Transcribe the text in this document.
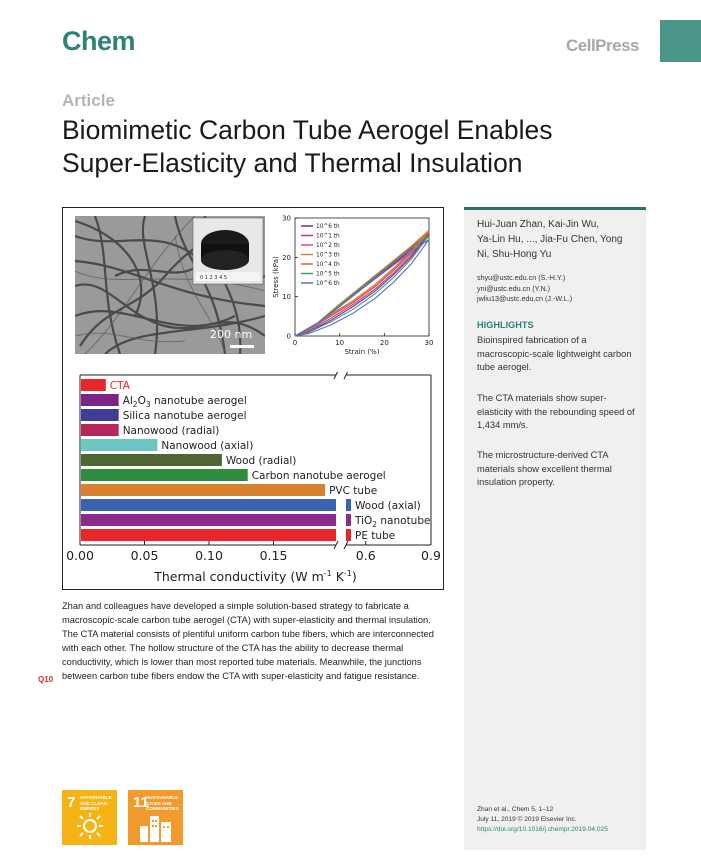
Chem	CellPress
Article
Biomimetic Carbon Tube Aerogel Enables
Super-Elasticity and Thermal Insulation
0 1 2 3 4 5
200 nm
0	10	20	30
0
10
20
30
Strain (%)
Stress (kPa)
10^6 th
10^1 th
10^2 th
10^3 th
10^4 th
10^5 th
10^6 th
0.00	0.05	0.10	0.15	0.6	0.9
CTA
$Al_2O_3$ nanotube aerogel
Silica nanotube aerogel
Nanowood (radial)
Nanowood (axial)
Wood (radial)
Carbon nanotube aerogel
PVC tube
Wood (axial)
TiO$_2$ nanotube
PE tube
Thermal conductivity (W $m^{-1}$ $K^{-1}$)
Hui-Juan Zhan, Kai-Jin Wu,
Ya-Lin Hu, ..., Jia-Fu Chen, Yong
Ni, Shu-Hong Yu
shyu@ustc.edu.cn (S.-H.Y.)
yni@ustc.edu.cn (Y.N.)
jwliu13@ustc.edu.cn (J.-W.L.)
HIGHLIGHTS
Bioinspired fabrication of a macroscopic-scale lightweight carbon tube aerogel.
The CTA materials show super-elasticity with the rebounding speed of 1,434 mm/s.
The microstructure-derived CTA materials show excellent thermal insulation property.
Zhan et al., Chem 5, 1–12
July 11, 2019 © 2019 Elsevier Inc.
https://doi.org/10.1016/j.chempr.2019.04.025
Zhan and colleagues have developed a simple solution-based strategy to fabricate a macroscopic-scale carbon tube aerogel (CTA) with super-elasticity and thermal insulation. The CTA material consists of plentiful uniform carbon tube fibers, which are interconnected with each other. The hollow structure of the CTA has the ability to decrease thermal conductivity, which is lower than most reported tube materials. Meanwhile, the junctions between carbon tube fibers endow the CTA with super-elasticity and fatigue resistance.
Q10
7 AFFORDABLE AND CLEAN ENERGY	11
SUSTAINABLE CITIES AND COMMUNITIES
